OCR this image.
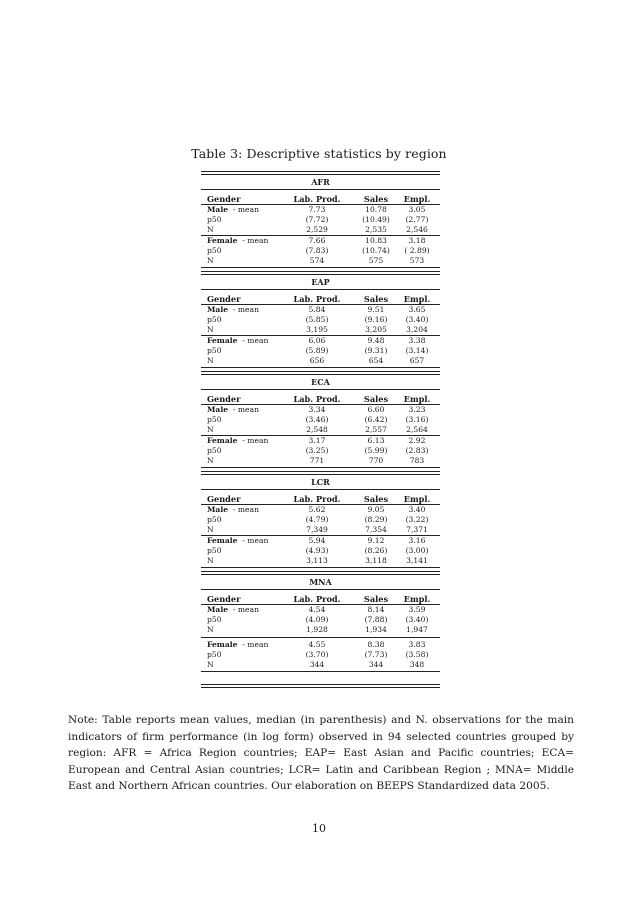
Table 3: Descriptive statistics by region
AFR
Gender	Lab. Prod.	Sales	Empl.
Male  - mean	7.73	10.78	3.05
p50	(7.72)	(10.49)	(2.77)
N	2,529	2,535	2,546
Female  - mean	7.66	10.83	3.18
p50	(7.83)	(10.74)	( 2.89)
N	574	575	573
EAP
Gender	Lab. Prod.	Sales	Empl.
Male  - mean	5.84	9.51	3.65
p50	(5.85)	(9.16)	(3.40)
N	3,195	3,205	3,204
Female  - mean	6.06	9.48	3.38
p50	(5.89)	(9.31)	(3.14)
N	656	654	657
ECA
Gender	Lab. Prod.	Sales	Empl.
Male  - mean	3.34	6.60	3.23
p50	(3.46)	(6.42)	(3.16)
N	2,548	2,557	2,564
Female  - mean	3.17	6.13	2.92
p50	(3.25)	(5.99)	(2.83)
N	771	770	783
LCR
Gender	Lab. Prod.	Sales	Empl.
Male  - mean	5.62	9.05	3.40
p50	(4.79)	(8.29)	(3.22)
N	7,349	7,354	7,371
Female  - mean	5.94	9.12	3.16
p50	(4.93)	(8.26)	(3.00)
N	3,113	3,118	3,141
MNA
Gender	Lab. Prod.	Sales	Empl.
Male  - mean	4.54	8.14	3.59
p50	(4.09)	(7.88)	(3.40)
N	1,928	1,934	1,947
Female  - mean	4.55	8.38	3.83
p50	(3.70)	(7.73)	(3.58)
N	344	344	348
Note: Table reports mean values, median (in parenthesis) and N. observations for the main indicators of firm performance (in log form) observed in 94 selected countries grouped by region: AFR = Africa Region countries; EAP= East Asian and Pacific countries; ECA= European and Central Asian countries; LCR= Latin and Caribbean Region ; MNA= Middle East and Northern African countries. Our elaboration on BEEPS Standardized data 2005.
10
